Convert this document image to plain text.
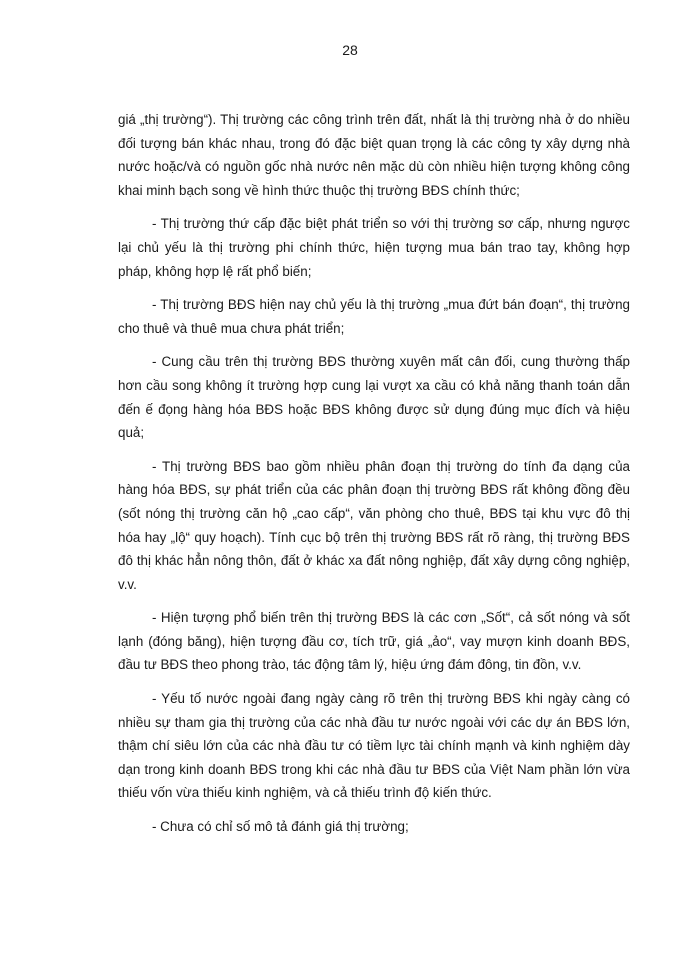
28

giá „thị trường“). Thị trường các công trình trên đất, nhất là thị trường nhà ở do nhiều đối tượng bán khác nhau, trong đó đặc biệt quan trọng là các công ty xây dựng nhà nước hoặc/và có nguồn gốc nhà nước nên mặc dù còn nhiều hiện tượng không công khai minh bạch song về hình thức thuộc thị trường BĐS chính thức;

- Thị trường thứ cấp đặc biệt phát triển so với thị trường sơ cấp, nhưng ngược lại chủ yếu là thị trường phi chính thức, hiện tượng mua bán trao tay, không hợp pháp, không hợp lệ rất phổ biến;

- Thị trường BĐS hiện nay chủ yếu là thị trường „mua đứt bán đoạn“, thị trường cho thuê và thuê mua chưa phát triển;

- Cung cầu trên thị trường BĐS thường xuyên mất cân đối, cung thường thấp hơn cầu song không ít trường hợp cung lại vượt xa cầu có khả năng thanh toán dẫn đến ế đọng hàng hóa BĐS hoặc BĐS không được sử dụng đúng mục đích và hiệu quả;

- Thị trường BĐS bao gồm nhiều phân đoạn thị trường do tính đa dạng của hàng hóa BĐS, sự phát triển của các phân đoạn thị trường BĐS rất không đồng đều (sốt nóng thị trường căn hộ „cao cấp“, văn phòng cho thuê, BĐS tại khu vực đô thị hóa hay „lộ“ quy hoạch). Tính cục bộ trên thị trường BĐS rất rõ ràng, thị trường BĐS đô thị khác hẳn nông thôn, đất ở khác xa đất nông nghiệp, đất xây dựng công nghiệp, v.v.

- Hiện tượng phổ biến trên thị trường BĐS là các cơn „Sốt“, cả sốt nóng và sốt lạnh (đóng băng), hiện tượng đầu cơ, tích trữ, giá „ảo“, vay mượn kinh doanh BĐS, đầu tư BĐS theo phong trào, tác động tâm lý, hiệu ứng đám đông, tin đồn, v.v.

- Yếu tố nước ngoài đang ngày càng rõ trên thị trường BĐS khi ngày càng có nhiều sự tham gia thị trường của các nhà đầu tư nước ngoài với các dự án BĐS lớn, thậm chí siêu lớn của các nhà đầu tư có tiềm lực tài chính mạnh và kinh nghiệm dày dạn trong kinh doanh BĐS trong khi các nhà đầu tư BĐS của Việt Nam phần lớn vừa thiếu vốn vừa thiếu kinh nghiệm, và cả thiếu trình độ kiến thức.

- Chưa có chỉ số mô tả đánh giá thị trường;
